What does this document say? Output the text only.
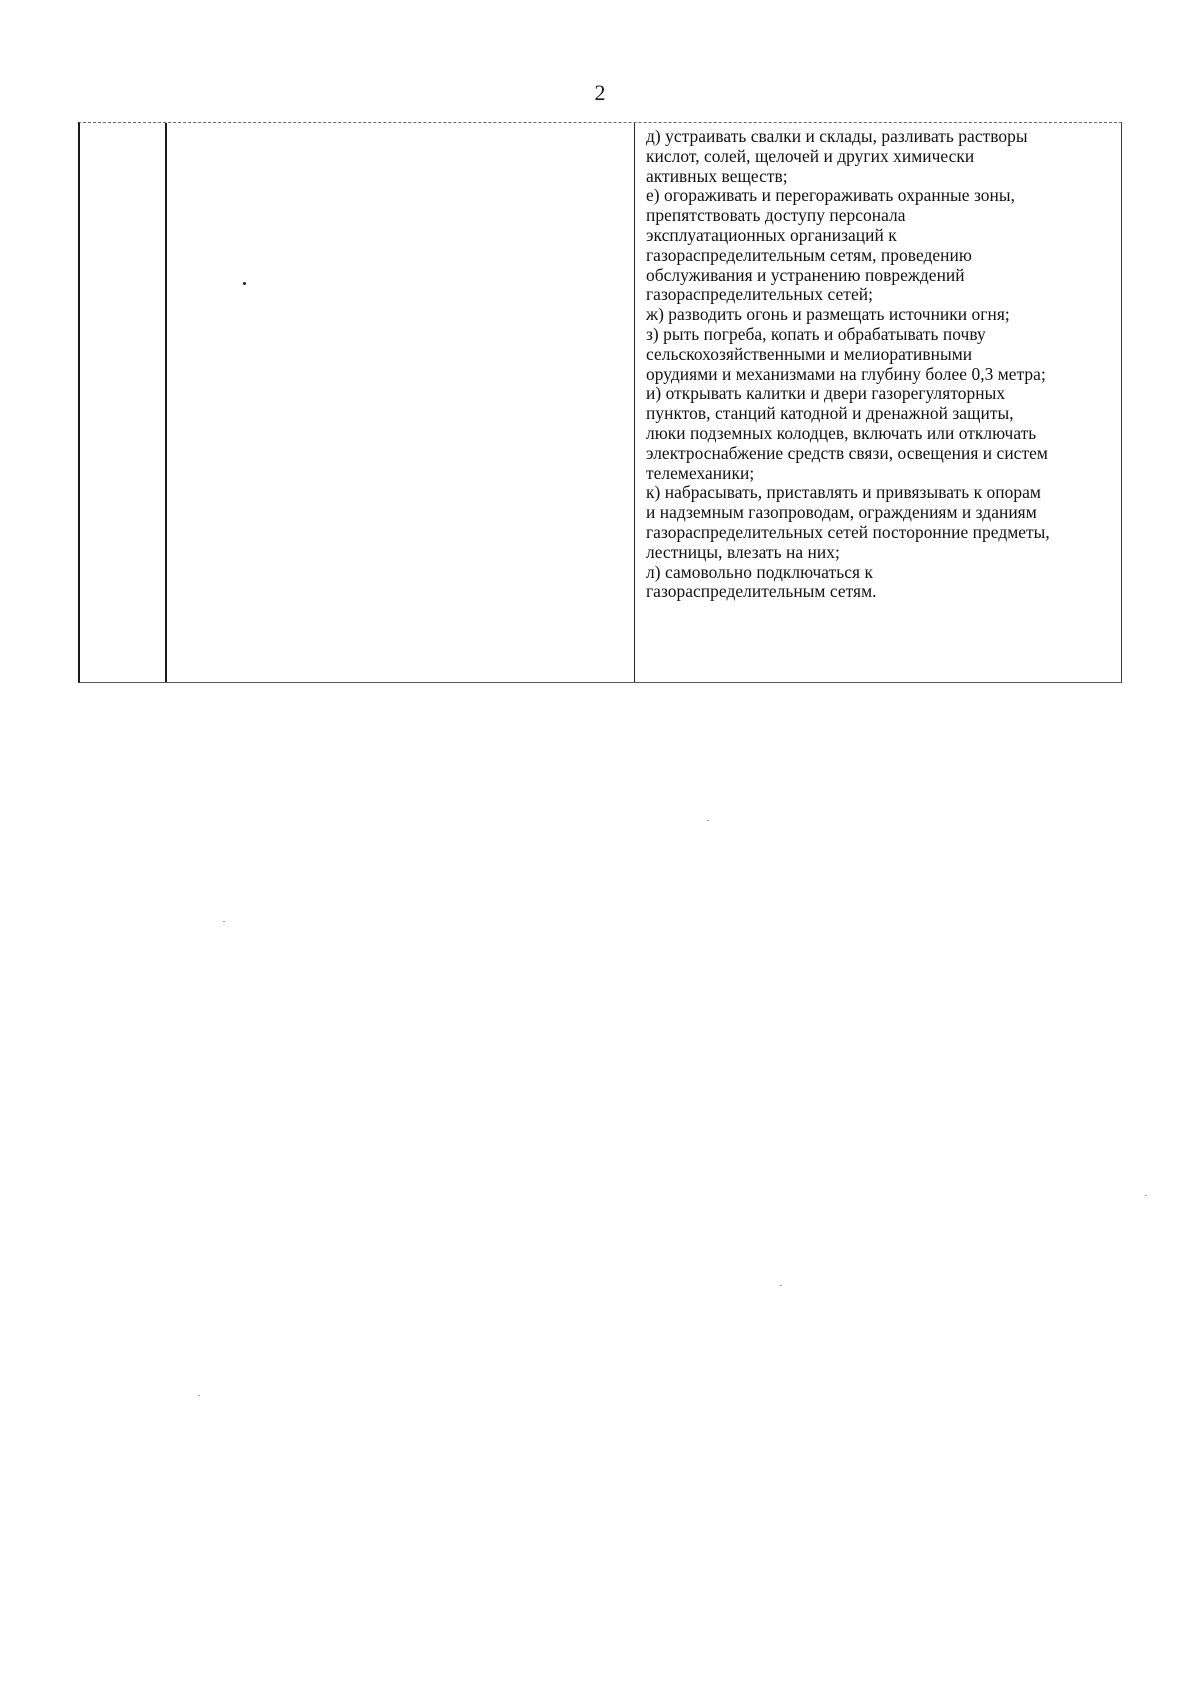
2
д) устраивать свалки и склады, разливать растворы
кислот, солей, щелочей и других химически
активных веществ;
е) огораживать и перегораживать охранные зоны,
препятствовать доступу персонала
эксплуатационных организаций к
газораспределительным сетям, проведению
обслуживания и устранению повреждений
газораспределительных сетей;
ж) разводить огонь и размещать источники огня;
з) рыть погреба, копать и обрабатывать почву
сельскохозяйственными и мелиоративными
орудиями и механизмами на глубину более 0,3 метра;
и) открывать калитки и двери газорегуляторных
пунктов, станций катодной и дренажной защиты,
люки подземных колодцев, включать или отключать
электроснабжение средств связи, освещения и систем
телемеханики;
к) набрасывать, приставлять и привязывать к опорам
и надземным газопроводам, ограждениям и зданиям
газораспределительных сетей посторонние предметы,
лестницы, влезать на них;
л) самовольно подключаться к
газораспределительным сетям.
